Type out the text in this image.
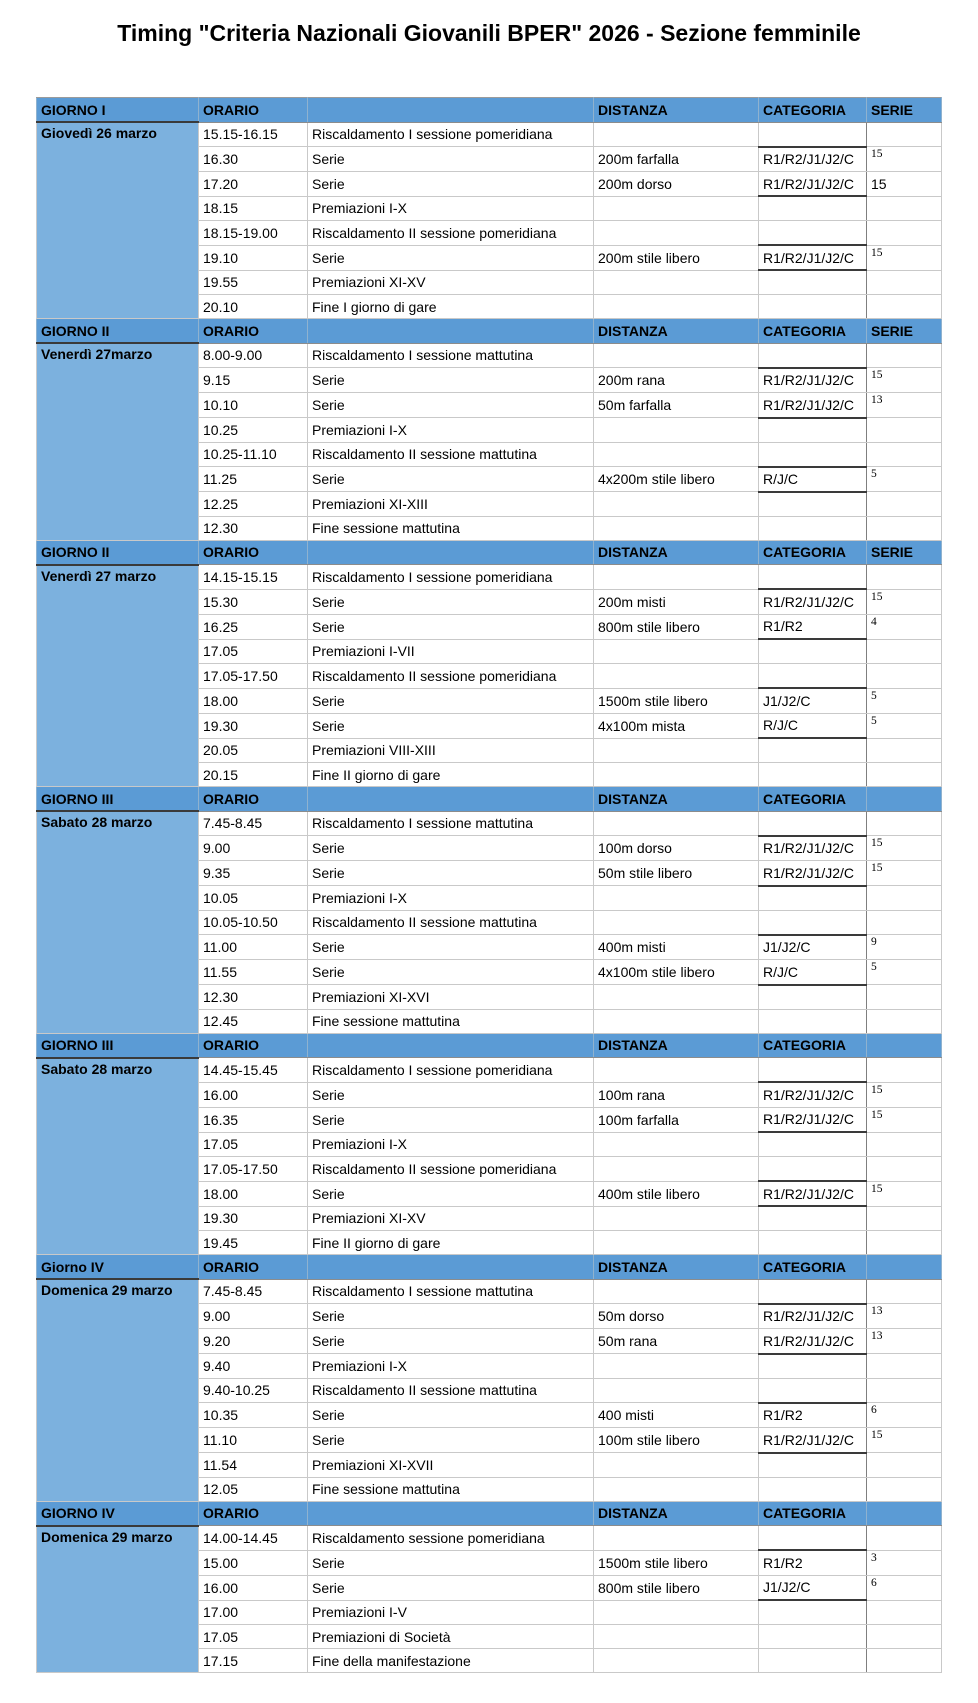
Timing "Criteria Nazionali Giovanili BPER" 2026 - Sezione femminile
GIORNO I	ORARIO		DISTANZA	CATEGORIA	SERIE
Giovedì 26 marzo	15.15-16.15	Riscaldamento I sessione pomeridiana			
	16.30	Serie	200m farfalla	R1/R2/J1/J2/C	15
	17.20	Serie	200m dorso	R1/R2/J1/J2/C	15
	18.15	Premiazioni I-X			
	18.15-19.00	Riscaldamento II sessione pomeridiana			
	19.10	Serie	200m stile libero	R1/R2/J1/J2/C	15
	19.55	Premiazioni XI-XV			
	20.10	Fine I giorno di gare			
GIORNO II	ORARIO		DISTANZA	CATEGORIA	SERIE
Venerdì 27marzo	8.00-9.00	Riscaldamento I sessione mattutina			
	9.15	Serie	200m rana	R1/R2/J1/J2/C	15
	10.10	Serie	50m farfalla	R1/R2/J1/J2/C	13
	10.25	Premiazioni I-X			
	10.25-11.10	Riscaldamento II sessione mattutina			
	11.25	Serie	4x200m stile libero	R/J/C	5
	12.25	Premiazioni XI-XIII			
	12.30	Fine sessione mattutina			
GIORNO II	ORARIO		DISTANZA	CATEGORIA	SERIE
Venerdì 27 marzo	14.15-15.15	Riscaldamento I sessione pomeridiana			
	15.30	Serie	200m misti	R1/R2/J1/J2/C	15
	16.25	Serie	800m stile libero	R1/R2	4
	17.05	Premiazioni I-VII			
	17.05-17.50	Riscaldamento II sessione pomeridiana			
	18.00	Serie	1500m stile libero	J1/J2/C	5
	19.30	Serie	4x100m mista	R/J/C	5
	20.05	Premiazioni VIII-XIII			
	20.15	Fine II giorno di gare			
GIORNO III	ORARIO		DISTANZA	CATEGORIA	
Sabato 28 marzo	7.45-8.45	Riscaldamento I sessione mattutina			
	9.00	Serie	100m dorso	R1/R2/J1/J2/C	15
	9.35	Serie	50m stile libero	R1/R2/J1/J2/C	15
	10.05	Premiazioni I-X			
	10.05-10.50	Riscaldamento II sessione mattutina			
	11.00	Serie	400m misti	J1/J2/C	9
	11.55	Serie	4x100m stile libero	R/J/C	5
	12.30	Premiazioni XI-XVI			
	12.45	Fine sessione mattutina			
GIORNO III	ORARIO		DISTANZA	CATEGORIA	
Sabato 28 marzo	14.45-15.45	Riscaldamento I sessione pomeridiana			
	16.00	Serie	100m rana	R1/R2/J1/J2/C	15
	16.35	Serie	100m farfalla	R1/R2/J1/J2/C	15
	17.05	Premiazioni I-X			
	17.05-17.50	Riscaldamento II sessione pomeridiana			
	18.00	Serie	400m stile libero	R1/R2/J1/J2/C	15
	19.30	Premiazioni XI-XV			
	19.45	Fine II giorno di gare			
Giorno IV	ORARIO		DISTANZA	CATEGORIA	
Domenica 29 marzo	7.45-8.45	Riscaldamento I sessione mattutina			
	9.00	Serie	50m dorso	R1/R2/J1/J2/C	13
	9.20	Serie	50m rana	R1/R2/J1/J2/C	13
	9.40	Premiazioni I-X			
	9.40-10.25	Riscaldamento II sessione mattutina			
	10.35	Serie	400 misti	R1/R2	6
	11.10	Serie	100m stile libero	R1/R2/J1/J2/C	15
	11.54	Premiazioni XI-XVII			
	12.05	Fine sessione mattutina			
GIORNO IV	ORARIO		DISTANZA	CATEGORIA	
Domenica 29 marzo	14.00-14.45	Riscaldamento sessione pomeridiana			
	15.00	Serie	1500m stile libero	R1/R2	3
	16.00	Serie	800m stile libero	J1/J2/C	6
	17.00	Premiazioni I-V			
	17.05	Premiazioni di Società			
	17.15	Fine della manifestazione			
